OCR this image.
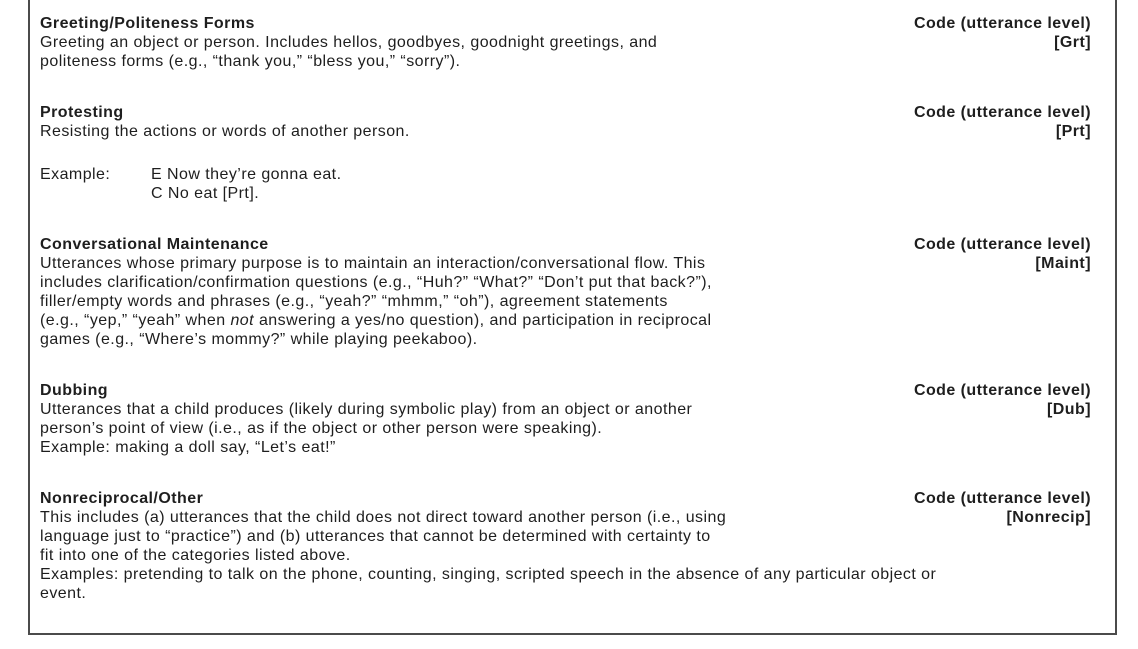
Greeting/Politeness Forms
Greeting an object or person. Includes hellos, goodbyes, goodnight greetings, and
politeness forms (e.g., “thank you,” “bless you,” “sorry”).
Code (utterance level)
[Grt]
Protesting
Resisting the actions or words of another person.
Code (utterance level)
[Prt]
Example:	E Now they’re gonna eat.
C No eat [Prt].
Conversational Maintenance
Utterances whose primary purpose is to maintain an interaction/conversational flow. This
includes clarification/confirmation questions (e.g., “Huh?” “What?” “Don’t put that back?”),
filler/empty words and phrases (e.g., “yeah?” “mhmm,” “oh”), agreement statements
(e.g., “yep,” “yeah” when not answering a yes/no question), and participation in reciprocal
games (e.g., “Where’s mommy?” while playing peekaboo).
Code (utterance level)
[Maint]
Dubbing
Utterances that a child produces (likely during symbolic play) from an object or another
person’s point of view (i.e., as if the object or other person were speaking).
Example: making a doll say, “Let’s eat!”
Code (utterance level)
[Dub]
Nonreciprocal/Other
This includes (a) utterances that the child does not direct toward another person (i.e., using
language just to “practice”) and (b) utterances that cannot be determined with certainty to
fit into one of the categories listed above.
Code (utterance level)
[Nonrecip]
Examples: pretending to talk on the phone, counting, singing, scripted speech in the absence of any particular object or
event.
